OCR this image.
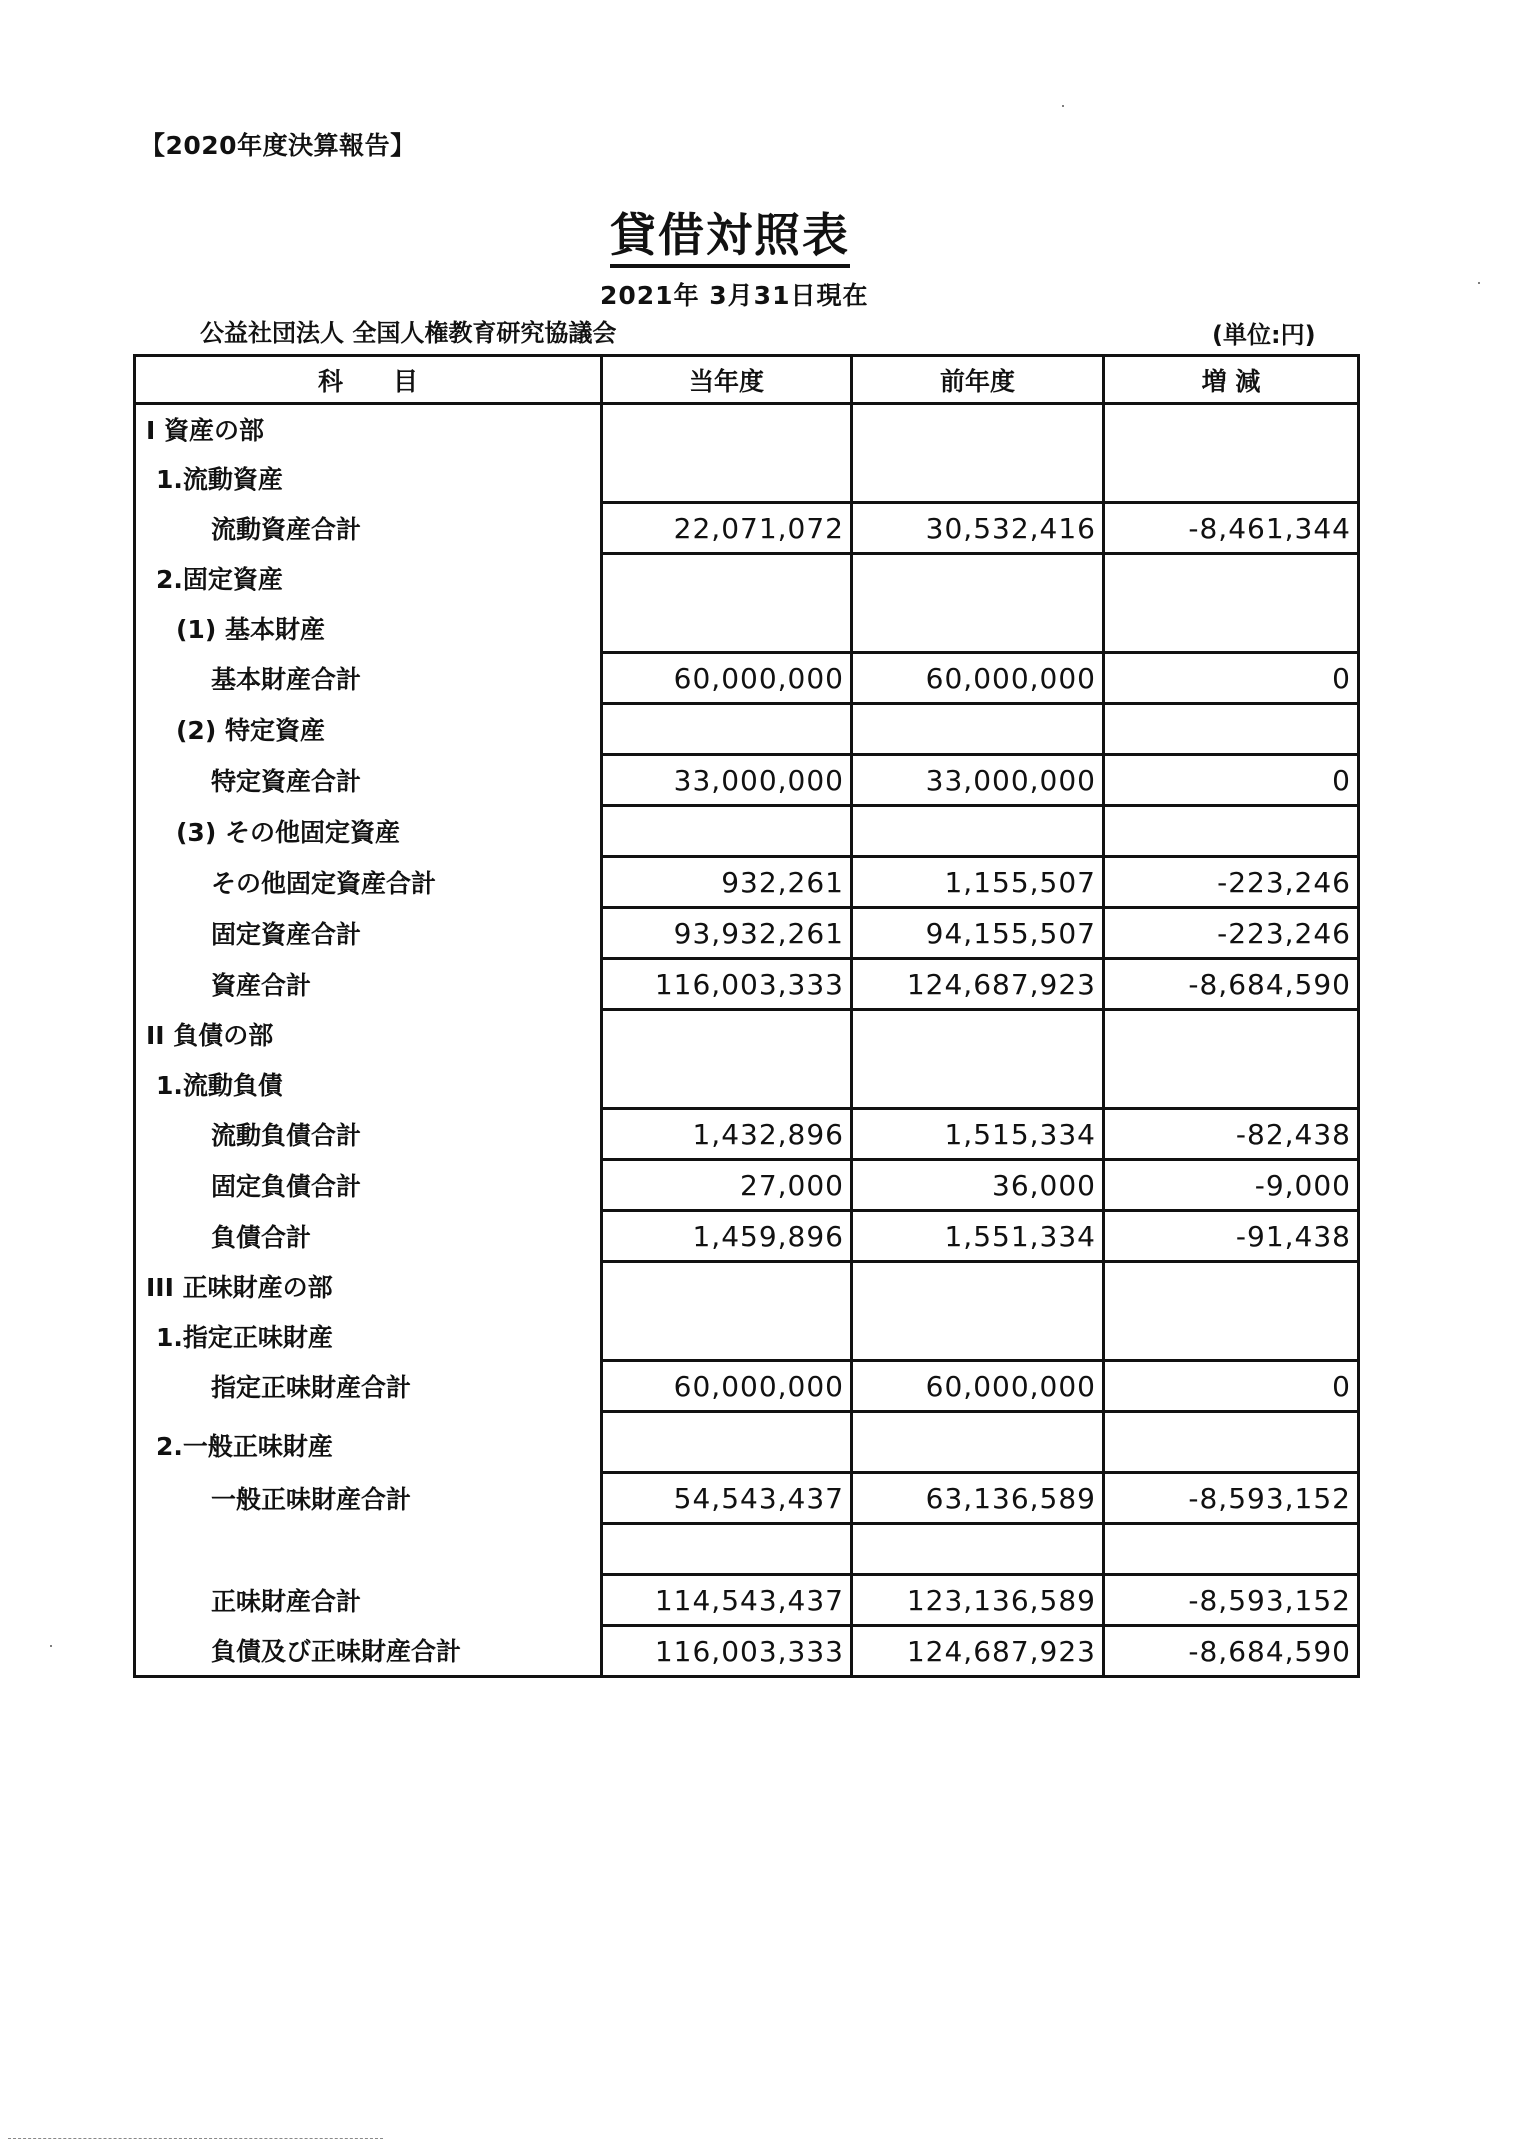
【2020年度決算報告】
貸借対照表
2021年 3月31日現在
公益社団法人 全国人権教育研究協議会	(単位:円)
科　　目	当年度	前年度	増 減
I 資産の部			
1.流動資産			
流動資産合計	22,071,072	30,532,416	-8,461,344
2.固定資産			
(1) 基本財産			
基本財産合計	60,000,000	60,000,000	0
(2) 特定資産			
特定資産合計	33,000,000	33,000,000	0
(3) その他固定資産			
その他固定資産合計	932,261	1,155,507	-223,246
固定資産合計	93,932,261	94,155,507	-223,246
資産合計	116,003,333	124,687,923	-8,684,590
II 負債の部			
1.流動負債			
流動負債合計	1,432,896	1,515,334	-82,438
固定負債合計	27,000	36,000	-9,000
負債合計	1,459,896	1,551,334	-91,438
III 正味財産の部			
1.指定正味財産			
指定正味財産合計	60,000,000	60,000,000	0
2.一般正味財産			
一般正味財産合計	54,543,437	63,136,589	-8,593,152

正味財産合計	114,543,437	123,136,589	-8,593,152
負債及び正味財産合計	116,003,333	124,687,923	-8,684,590
